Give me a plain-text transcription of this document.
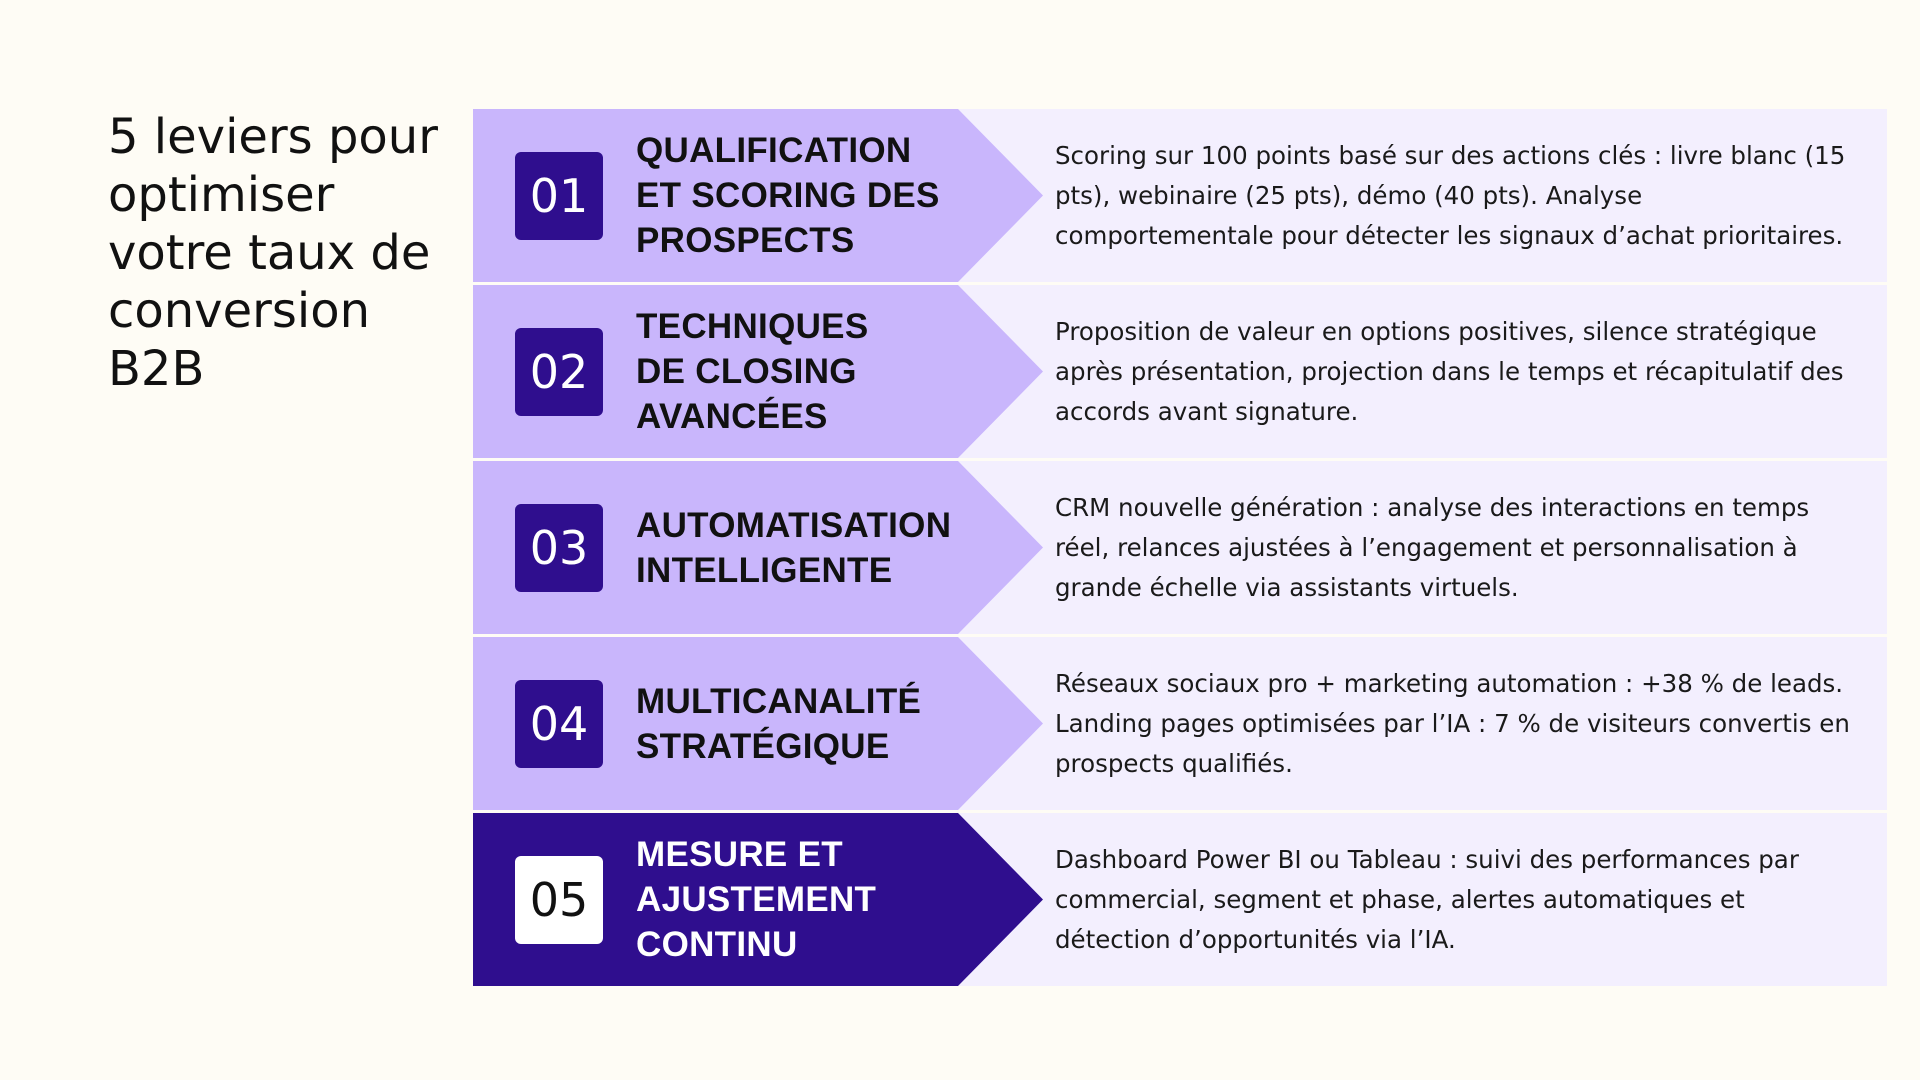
5 leviers pour optimiser votre taux de conversion B2B
01
QUALIFICATION
ET SCORING DES
PROSPECTS
Scoring sur 100 points basé sur des actions clés : livre blanc (15 pts), webinaire (25 pts), démo (40 pts). Analyse comportementale pour détecter les signaux d’achat prioritaires.
02
TECHNIQUES
DE CLOSING
AVANCÉES
Proposition de valeur en options positives, silence stratégique après présentation, projection dans le temps et récapitulatif des accords avant signature.
03	AUTOMATISATION
INTELLIGENTE
CRM nouvelle génération : analyse des interactions en temps réel, relances ajustées à l’engagement et personnalisation à grande échelle via assistants virtuels.
04	MULTICANALITÉ
STRATÉGIQUE
Réseaux sociaux pro + marketing automation : +38 % de leads. Landing pages optimisées par l’IA : 7 % de visiteurs convertis en prospects qualifiés.
05
MESURE ET
AJUSTEMENT
CONTINU
Dashboard Power BI ou Tableau : suivi des performances par commercial, segment et phase, alertes automatiques et détection d’opportunités via l’IA.
